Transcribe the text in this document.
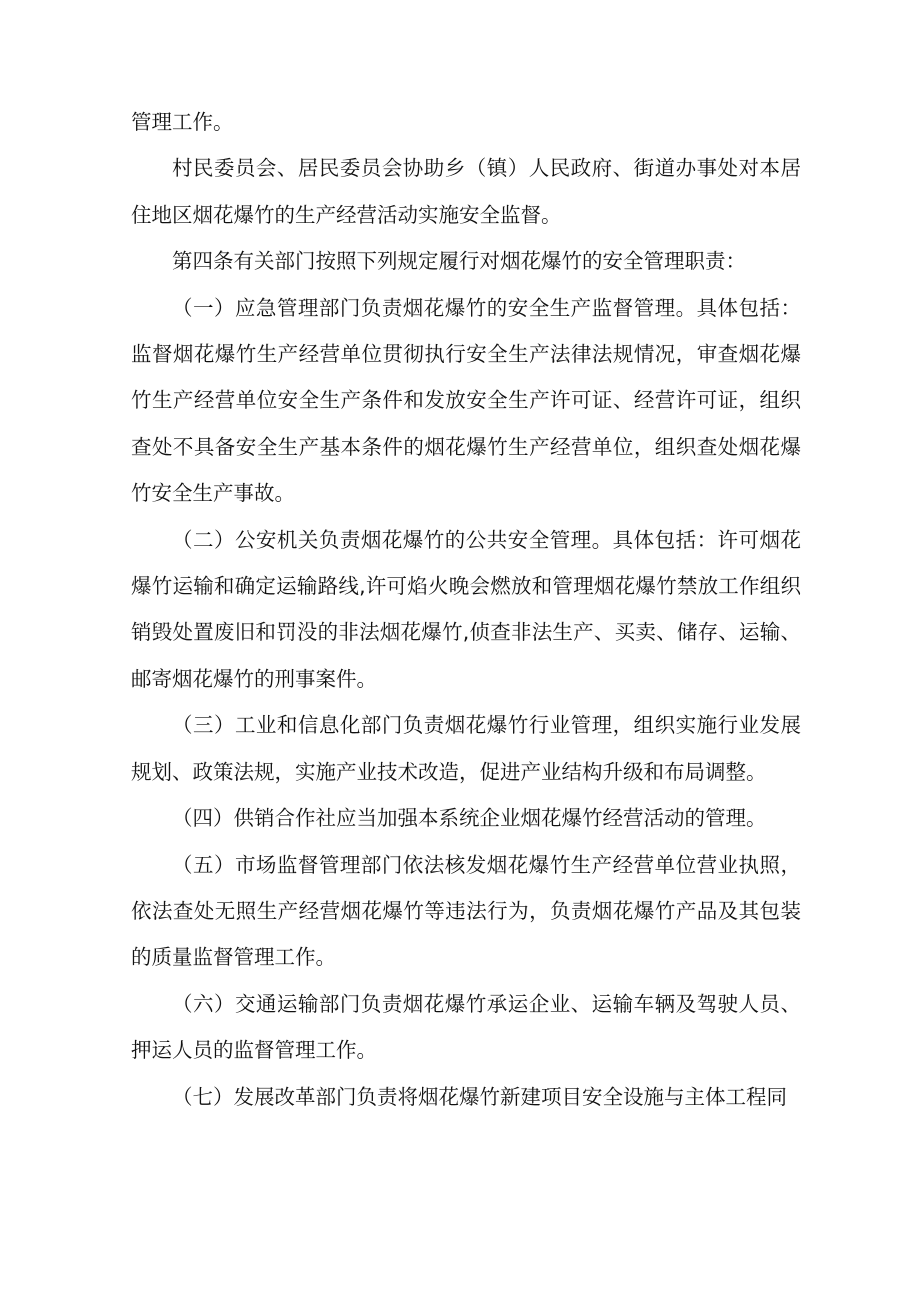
管理工作。

村民委员会、居民委员会协助乡（镇）人民政府、街道办事处对本居住地区烟花爆竹的生产经营活动实施安全监督。

第四条有关部门按照下列规定履行对烟花爆竹的安全管理职责：

（一）应急管理部门负责烟花爆竹的安全生产监督管理。具体包括：监督烟花爆竹生产经营单位贯彻执行安全生产法律法规情况，审查烟花爆竹生产经营单位安全生产条件和发放安全生产许可证、经营许可证，组织查处不具备安全生产基本条件的烟花爆竹生产经营单位，组织查处烟花爆竹安全生产事故。

（二）公安机关负责烟花爆竹的公共安全管理。具体包括：许可烟花爆竹运输和确定运输路线,许可焰火晚会燃放和管理烟花爆竹禁放工作组织销毁处置废旧和罚没的非法烟花爆竹,侦查非法生产、买卖、储存、运输、邮寄烟花爆竹的刑事案件。

（三）工业和信息化部门负责烟花爆竹行业管理，组织实施行业发展规划、政策法规，实施产业技术改造，促进产业结构升级和布局调整。

（四）供销合作社应当加强本系统企业烟花爆竹经营活动的管理。

（五）市场监督管理部门依法核发烟花爆竹生产经营单位营业执照，依法查处无照生产经营烟花爆竹等违法行为，负责烟花爆竹产品及其包装的质量监督管理工作。

（六）交通运输部门负责烟花爆竹承运企业、运输车辆及驾驶人员、押运人员的监督管理工作。

（七）发展改革部门负责将烟花爆竹新建项目安全设施与主体工程同
